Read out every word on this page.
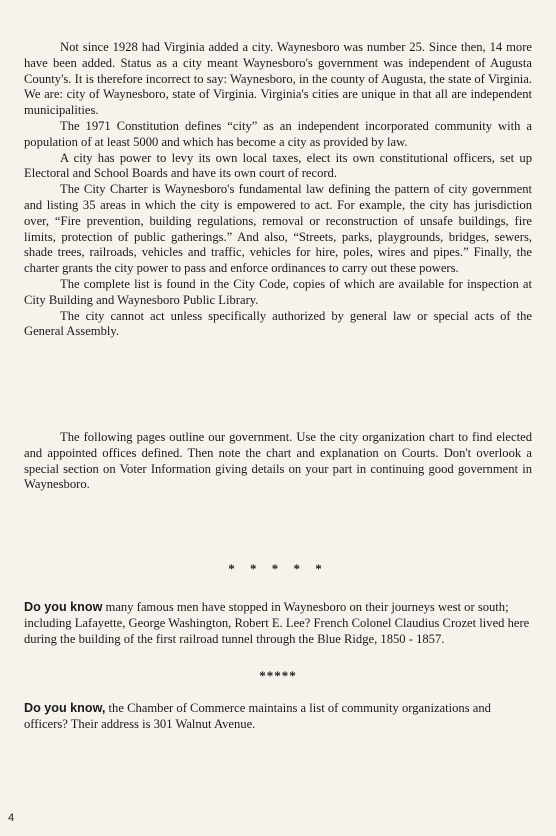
Not since 1928 had Virginia added a city. Waynesboro was number 25. Since then, 14 more have been added. Status as a city meant Waynesboro's government was independent of Augusta County's. It is therefore incorrect to say: Waynesboro, in the county of Augusta, the state of Virginia. We are: city of Waynesboro, state of Virginia. Virginia's cities are unique in that all are independent municipalities.

The 1971 Constitution defines “city” as an independent incorporated community with a population of at least 5000 and which has become a city as provided by law.

A city has power to levy its own local taxes, elect its own constitutional officers, set up Electoral and School Boards and have its own court of record.

The City Charter is Waynesboro's fundamental law defining the pattern of city government and listing 35 areas in which the city is empowered to act. For example, the city has jurisdiction over, “Fire prevention, building regulations, removal or reconstruction of unsafe buildings, fire limits, protection of public gatherings.” And also, “Streets, parks, playgrounds, bridges, sewers, shade trees, railroads, vehicles and traffic, vehicles for hire, poles, wires and pipes.” Finally, the charter grants the city power to pass and enforce ordinances to carry out these powers.

The complete list is found in the City Code, copies of which are available for inspection at City Building and Waynesboro Public Library.

The city cannot act unless specifically authorized by general law or special acts of the General Assembly.

The following pages outline our government. Use the city organization chart to find elected and appointed offices defined. Then note the chart and explanation on Courts. Don't overlook a special section on Voter Information giving details on your part in continuing good government in Waynesboro.

* * * * *
Do you know many famous men have stopped in Waynesboro on their journeys west or south; including Lafayette, George Washington, Robert E. Lee? French Colonel Claudius Crozet lived here during the building of the first railroad tunnel through the Blue Ridge, 1850 - 1857.
*****
Do you know, the Chamber of Commerce maintains a list of community organizations and officers? Their address is 301 Walnut Avenue.
4
